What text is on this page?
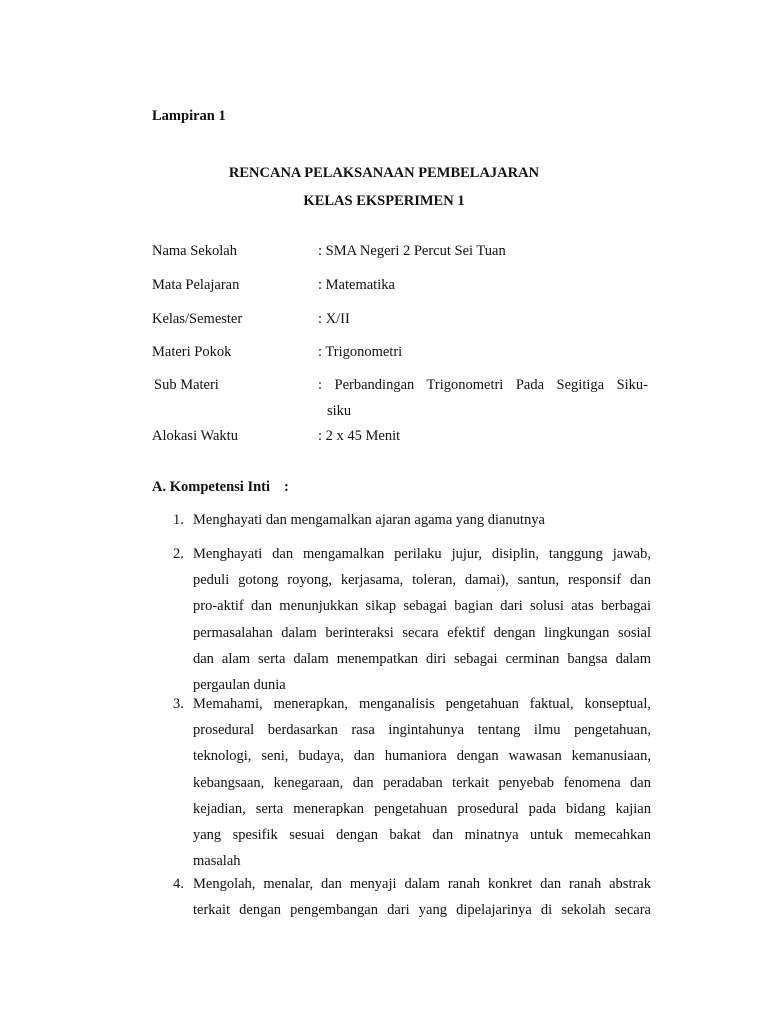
Lampiran 1
RENCANA PELAKSANAAN PEMBELAJARAN
KELAS EKSPERIMEN 1
Nama Sekolah	: SMA Negeri 2 Percut Sei Tuan
Mata Pelajaran	: Matematika
Kelas/Semester	: X/II
Materi Pokok	: Trigonometri
Sub Materi	:  Perbandingan  Trigonometri  Pada  Segitiga  Siku-
siku
Alokasi Waktu	: 2 x 45 Menit
A. Kompetensi Inti :
1. Menghayati dan mengamalkan ajaran agama yang dianutnya
2. Menghayati dan mengamalkan perilaku jujur, disiplin, tanggung jawab,
peduli gotong royong, kerjasama, toleran, damai), santun, responsif dan
pro-aktif dan menunjukkan sikap sebagai bagian dari solusi atas berbagai
permasalahan dalam berinteraksi secara efektif dengan lingkungan sosial
dan alam serta dalam menempatkan diri sebagai cerminan bangsa dalam
pergaulan dunia
3. Memahami, menerapkan, menganalisis pengetahuan faktual, konseptual,
prosedural berdasarkan rasa ingintahunya tentang ilmu pengetahuan,
teknologi, seni, budaya, dan humaniora dengan wawasan kemanusiaan,
kebangsaan, kenegaraan, dan peradaban terkait penyebab fenomena dan
kejadian, serta menerapkan pengetahuan prosedural pada bidang kajian
yang spesifik sesuai dengan bakat dan minatnya untuk memecahkan
masalah
4. Mengolah, menalar, dan menyaji dalam ranah konkret dan ranah abstrak
terkait dengan pengembangan dari yang dipelajarinya di sekolah secara
